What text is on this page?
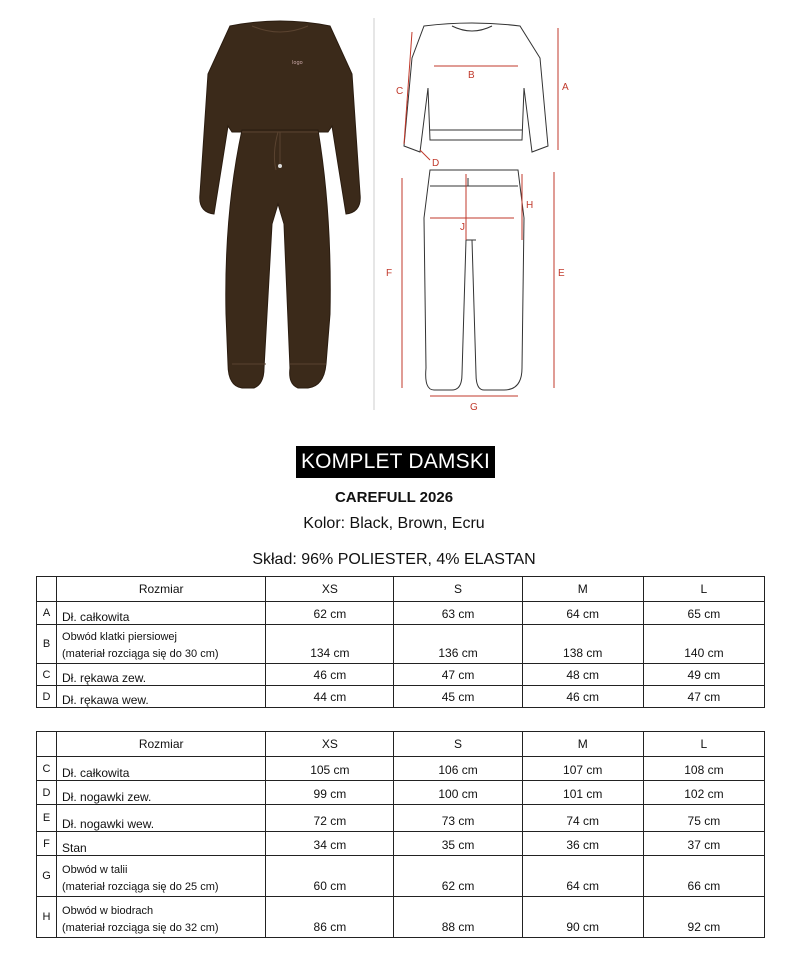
logo
A
B
C
D
E
F
G
H
J
KOMPLET DAMSKI
CAREFULL 2026
Kolor: Black, Brown, Ecru
Skład: 96% POLIESTER, 4% ELASTAN
	Rozmiar	XS	S	M	L
A	Dł. całkowita	62 cm	63 cm	64 cm	65 cm
B	Obwód klatki piersiowej
(materiał rozciąga się do 30 cm)	134 cm	136 cm	138 cm	140 cm
C	Dł. rękawa zew.	46 cm	47 cm	48 cm	49 cm
D	Dł. rękawa wew.	44 cm	45 cm	46 cm	47 cm
	Rozmiar	XS	S	M	L
C	Dł. całkowita	105 cm	106 cm	107 cm	108 cm
D	Dł. nogawki zew.	99 cm	100 cm	101 cm	102 cm
E	Dł. nogawki wew.	72 cm	73 cm	74 cm	75 cm
F	Stan	34 cm	35 cm	36 cm	37 cm
G	Obwód w talii
(materiał rozciąga się do 25 cm)	60 cm	62 cm	64 cm	66 cm
H	Obwód w biodrach
(materiał rozciąga się do 32 cm)	86 cm	88 cm	90 cm	92 cm
